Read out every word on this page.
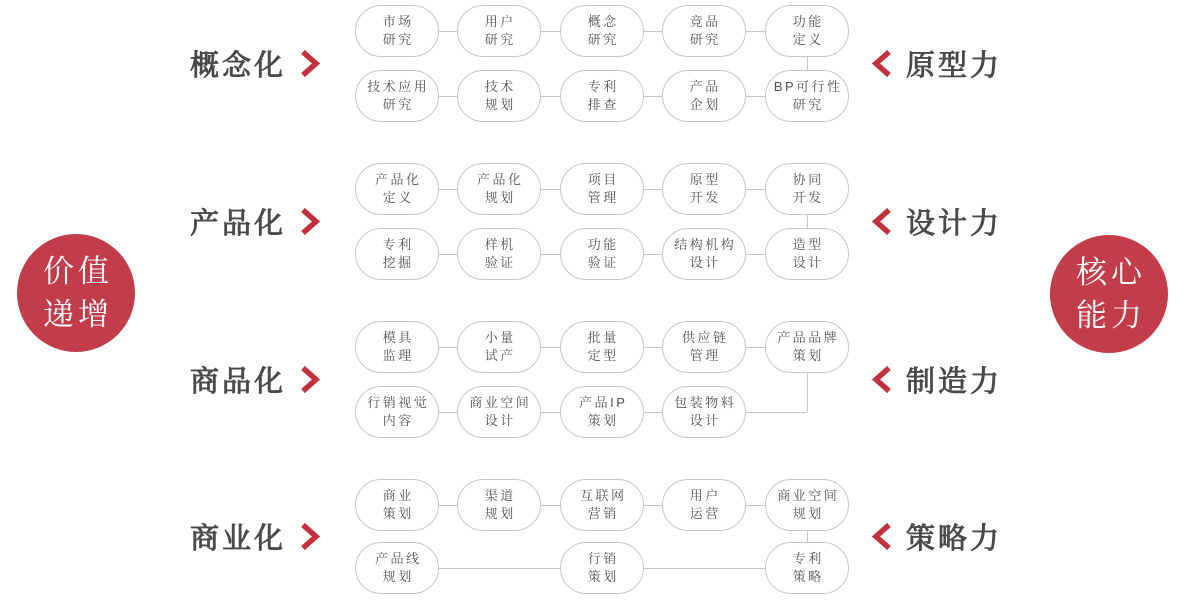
市场
研究
用户
研究
概念
研究
竞品
研究
功能
定义
技术应用
研究
技术
规划
专利
排查
产品
企划
BP可行性
研究
产品化
定义
产品化
规划
项目
管理
原型
开发
协同
开发
专利
挖掘
样机
验证
功能
验证
结构机构
设计
造型
设计
模具
监理
小量
试产
批量
定型
供应链
管理
产品品牌
策划
行销视觉
内容
商业空间
设计
产品IP
策划
包装物料
设计
商业
策划
渠道
规划
互联网
营销
用户
运营
商业空间
规划
产品线
规划
行销
策划
专利
策略
概念化
产品化
商品化
商业化
原型力
设计力
制造力
策略力
价值
递增
核心
能力
